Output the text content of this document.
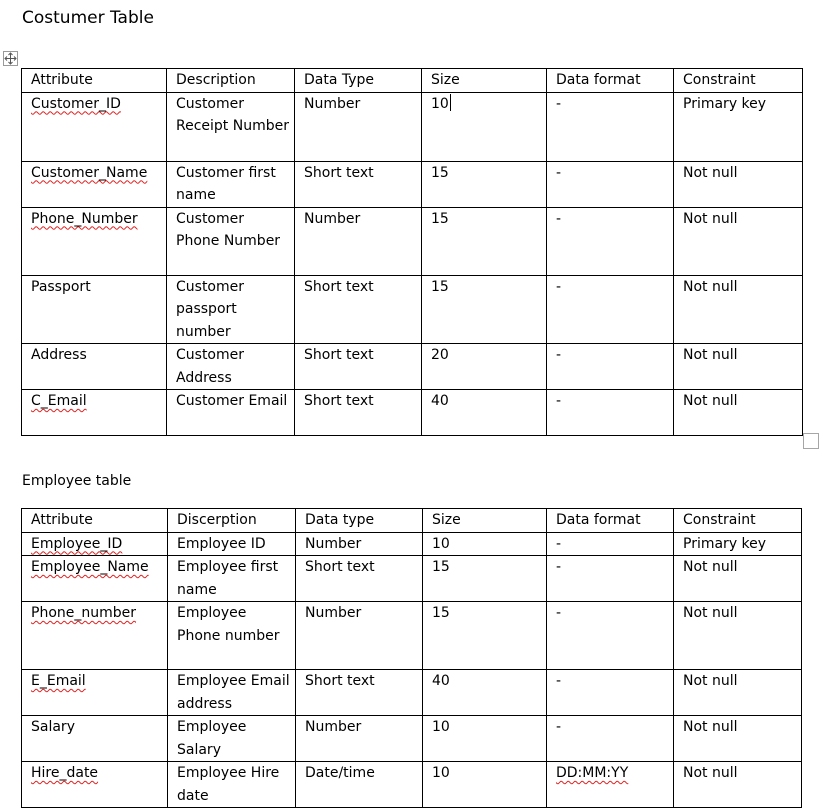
Costumer Table
Attribute	Description	Data Type	Size	Data format	Constraint
Customer_ID	Customer Receipt Number	Number	10	-	Primary key
Customer_Name	Customer first name	Short text	15	-	Not null
Phone_Number	Customer Phone Number	Number	15	-	Not null
Passport	Customer passport number	Short text	15	-	Not null
Address	Customer Address	Short text	20	-	Not null
C_Email	Customer Email	Short text	40	-	Not null
Employee table
Attribute	Discerption	Data type	Size	Data format	Constraint
Employee_ID	Employee ID	Number	10	-	Primary key
Employee_Name	Employee first name	Short text	15	-	Not null
Phone_number	Employee Phone number	Number	15	-	Not null
E_Email	Employee Email address	Short text	40	-	Not null
Salary	Employee Salary	Number	10	-	Not null
Hire_date	Employee Hire date	Date/time	10	DD:MM:YY	Not null
